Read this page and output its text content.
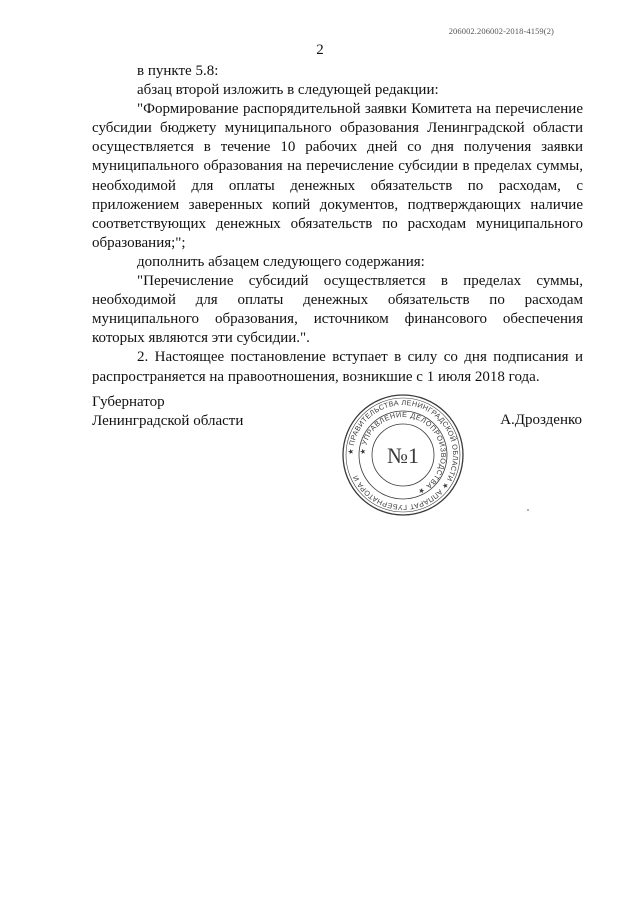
206002.206002-2018-4159(2)
2

в пункте 5.8:

абзац второй изложить в следующей редакции:

"Формирование распорядительной заявки Комитета на перечисление субсидии бюджету муниципального образования Ленинградской области осуществляется в течение 10 рабочих дней со дня получения заявки муниципального образования на перечисление субсидии в пределах суммы, необходимой для оплаты денежных обязательств по расходам, с приложением заверенных копий документов, подтверждающих наличие соответствующих денежных обязательств по расходам муниципального образования;";

дополнить абзацем следующего содержания:

"Перечисление субсидий осуществляется в пределах суммы, необходимой для оплаты денежных обязательств по расходам муниципального образования, источником финансового обеспечения которых являются эти субсидии.".

2. Настоящее постановление вступает в силу со дня подписания и распространяется на правоотношения, возникшие с 1 июля 2018 года.

Губернатор
Ленинградской области	А.Дрозденко
★ ПРАВИТЕЛЬСТВА ЛЕНИНГРАДСКОЙ ОБЛАСТИ ★ АППАРАТ ГУБЕРНАТОРА И
★ УПРАВЛЕНИЕ ДЕЛОПРОИЗВОДСТВА ★
№1
